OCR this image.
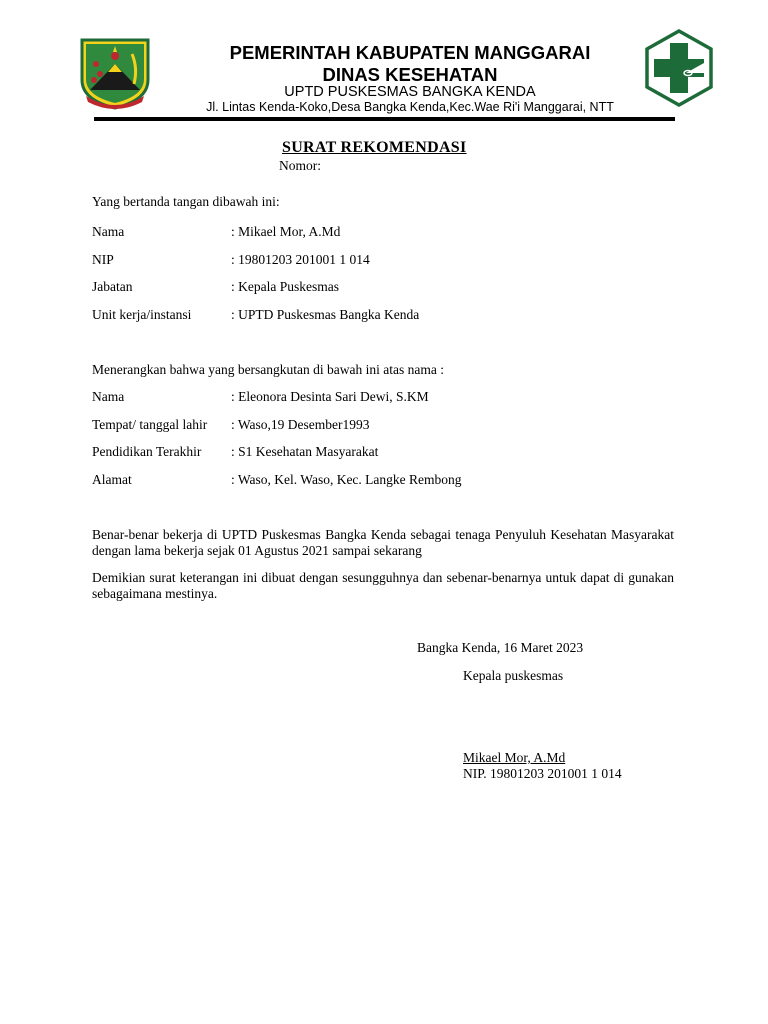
PEMERINTAH KABUPATEN MANGGARAI
DINAS KESEHATAN
UPTD PUSKESMAS BANGKA KENDA
Jl. Lintas Kenda-Koko,Desa Bangka Kenda,Kec.Wae Ri'i Manggarai, NTT
SURAT REKOMENDASI
Nomor:
Yang bertanda tangan dibawah ini:
Nama	: Mikael Mor, A.Md
NIP	: 19801203 201001 1 014
Jabatan	: Kepala Puskesmas
Unit kerja/instansi	: UPTD Puskesmas Bangka Kenda
Menerangkan bahwa yang bersangkutan di bawah ini atas nama :
Nama	: Eleonora Desinta Sari Dewi, S.KM
Tempat/ tanggal lahir : Waso,19 Desember1993
Pendidikan Terakhir : S1 Kesehatan Masyarakat
Alamat	: Waso, Kel. Waso, Kec. Langke Rembong
Benar-benar bekerja di UPTD Puskesmas Bangka Kenda sebagai tenaga Penyuluh Kesehatan Masyarakat dengan lama bekerja sejak 01 Agustus 2021 sampai sekarang
Demikian surat keterangan ini dibuat dengan sesungguhnya dan sebenar-benarnya untuk dapat di gunakan sebagaimana mestinya.
Bangka Kenda, 16 Maret 2023
Kepala puskesmas
Mikael Mor, A.Md
NIP. 19801203 201001 1 014
